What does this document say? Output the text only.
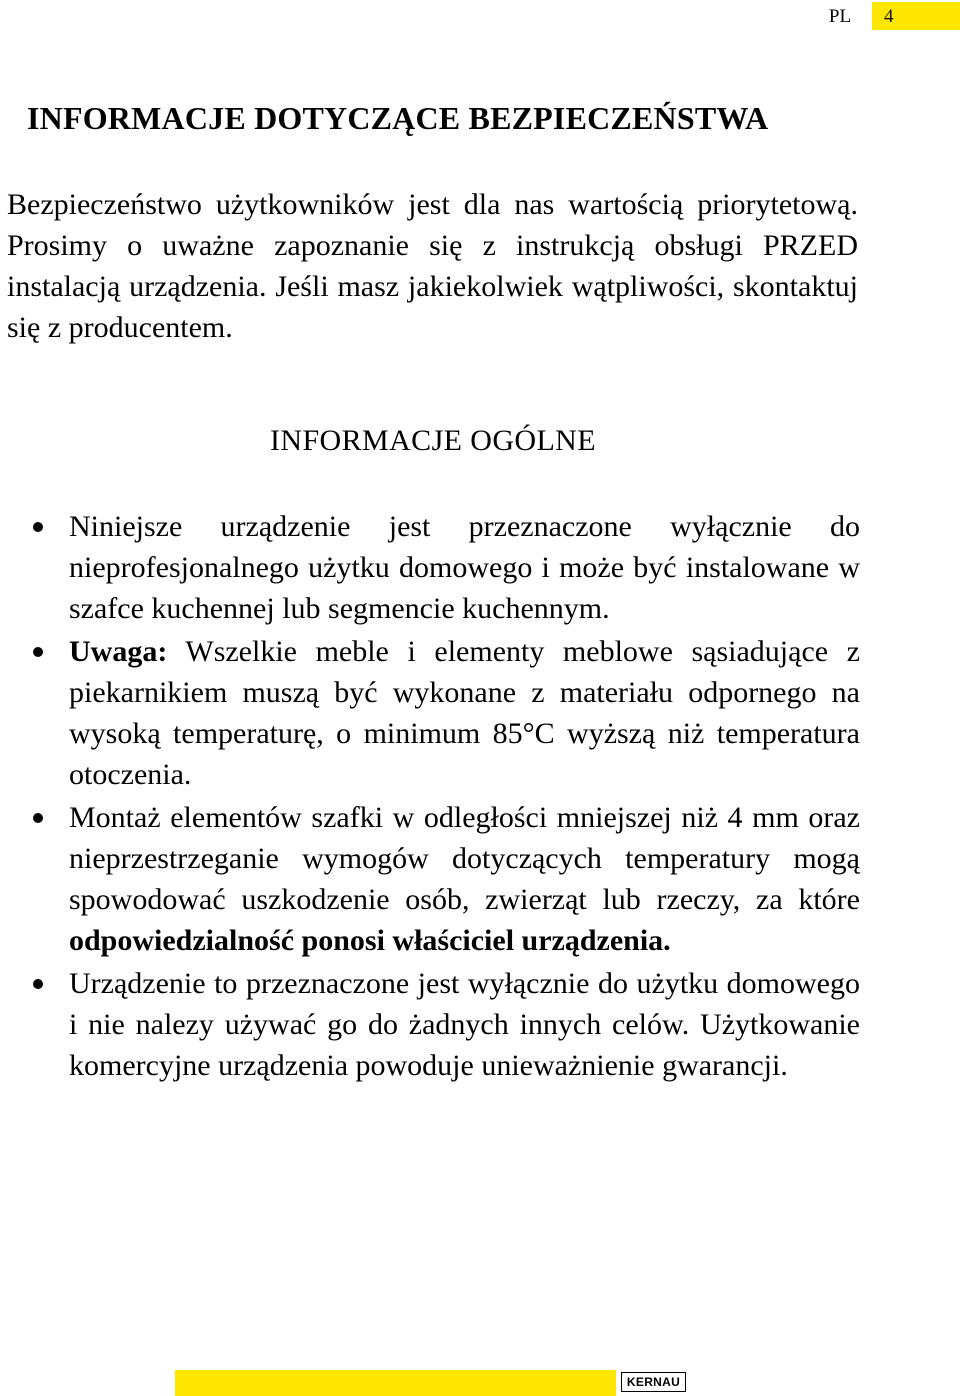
PL	4
INFORMACJE DOTYCZĄCE BEZPIECZEŃSTWA

Bezpieczeństwo użytkowników jest dla nas wartością priorytetową. Prosimy o uważne zapoznanie się z instrukcją obsługi PRZED instalacją urządzenia. Jeśli masz jakiekolwiek wątpliwości, skontaktuj się z producentem.

INFORMACJE OGÓLNE
Niniejsze urządzenie jest przeznaczone wyłącznie do nieprofesjonalnego użytku domowego i może być instalowane w szafce kuchennej lub segmencie kuchennym.
Uwaga: Wszelkie meble i elementy meblowe sąsiadujące z piekarnikiem muszą być wykonane z materiału odpornego na wysoką temperaturę, o minimum 85°C wyższą niż temperatura otoczenia.
Montaż elementów szafki w odległości mniejszej niż 4 mm oraz nieprzestrzeganie wymogów dotyczących temperatury mogą spowodować uszkodzenie osób, zwierząt lub rzeczy, za które odpowiedzialność ponosi właściciel urządzenia.
Urządzenie to przeznaczone jest wyłącznie do użytku domowego i nie nalezy używać go do żadnych innych celów. Użytkowanie komercyjne urządzenia powoduje unieważnienie gwarancji.
KERNAU
